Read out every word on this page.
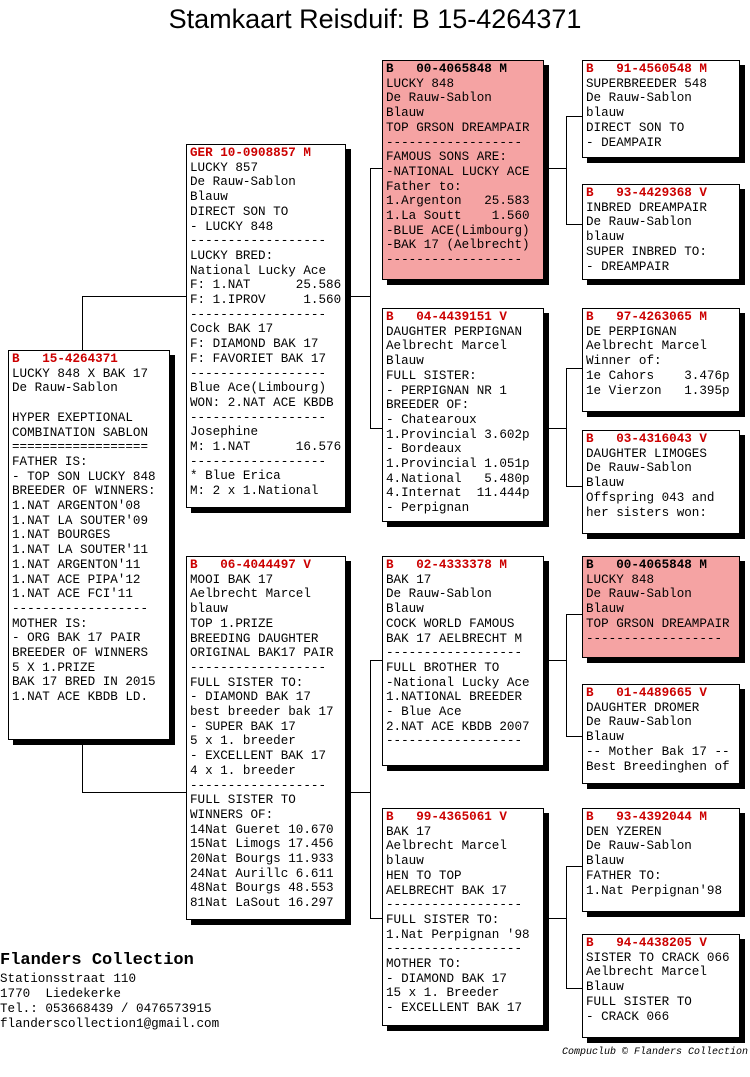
Stamkaart Reisduif: B 15-4264371
B   15-4264371
LUCKY 848 X BAK 17
De Rauw-Sablon
HYPER EXEPTIONAL
COMBINATION SABLON
==================
FATHER IS:
- TOP SON LUCKY 848
BREEDER OF WINNERS:
1.NAT ARGENTON'08
1.NAT LA SOUTER'09
1.NAT BOURGES
1.NAT LA SOUTER'11
1.NAT ARGENTON'11
1.NAT ACE PIPA'12
1.NAT ACE FCI'11
------------------
MOTHER IS:
- ORG BAK 17 PAIR
BREEDER OF WINNERS
5 X 1.PRIZE
BAK 17 BRED IN 2015
1.NAT ACE KBDB LD.
GER 10-0908857 M
LUCKY 857
De Rauw-Sablon
Blauw
DIRECT SON TO
- LUCKY 848
------------------
LUCKY BRED:
National Lucky Ace
F: 1.NAT      25.586
F: 1.IPROV     1.560
------------------
Cock BAK 17
F: DIAMOND BAK 17
F: FAVORIET BAK 17
------------------
Blue Ace(Limbourg)
WON: 2.NAT ACE KBDB
------------------
Josephine
M: 1.NAT      16.576
------------------
* Blue Erica
M: 2 x 1.National
B   06-4044497 V
MOOI BAK 17
Aelbrecht Marcel
blauw
TOP 1.PRIZE
BREEDING DAUGHTER
ORIGINAL BAK17 PAIR
------------------
FULL SISTER TO:
- DIAMOND BAK 17
best breeder bak 17
- SUPER BAK 17
5 x 1. breeder
- EXCELLENT BAK 17
4 x 1. breeder
------------------
FULL SISTER TO
WINNERS OF:
14Nat Gueret 10.670
15Nat Limogs 17.456
20Nat Bourgs 11.933
24Nat Aurillc 6.611
48Nat Bourgs 48.553
81Nat LaSout 16.297
B   00-4065848 M
LUCKY 848
De Rauw-Sablon
Blauw
TOP GRSON DREAMPAIR
------------------
FAMOUS SONS ARE:
-NATIONAL LUCKY ACE
Father to:
1.Argenton   25.583
1.La Soutt    1.560
-BLUE ACE(Limbourg)
-BAK 17 (Aelbrecht)
------------------
B   04-4439151 V
DAUGHTER PERPIGNAN
Aelbrecht Marcel
Blauw
FULL SISTER:
- PERPIGNAN NR 1
BREEDER OF:
- Chatearoux
1.Provincial 3.602p
- Bordeaux
1.Provincial 1.051p
4.National   5.480p
4.Internat  11.444p
- Perpignan
B   02-4333378 M
BAK 17
De Rauw-Sablon
Blauw
COCK WORLD FAMOUS
BAK 17 AELBRECHT M
------------------
FULL BROTHER TO
-National Lucky Ace
1.NATIONAL BREEDER
- Blue Ace
2.NAT ACE KBDB 2007
------------------
B   99-4365061 V
BAK 17
Aelbrecht Marcel
blauw
HEN TO TOP
AELBRECHT BAK 17
------------------
FULL SISTER TO:
1.Nat Perpignan '98
------------------
MOTHER TO:
- DIAMOND BAK 17
15 x 1. Breeder
- EXCELLENT BAK 17
B   91-4560548 M
SUPERBREEDER 548
De Rauw-Sablon
blauw
DIRECT SON TO
- DEAMPAIR
B   93-4429368 V
INBRED DREAMPAIR
De Rauw-Sablon
blauw
SUPER INBRED TO:
- DREAMPAIR
B   97-4263065 M
DE PERPIGNAN
Aelbrecht Marcel
Winner of:
1e Cahors    3.476p
1e Vierzon   1.395p
B   03-4316043 V
DAUGHTER LIMOGES
De Rauw-Sablon
Blauw
Offspring 043 and
her sisters won:
B   00-4065848 M
LUCKY 848
De Rauw-Sablon
Blauw
TOP GRSON DREAMPAIR
------------------
B   01-4489665 V
DAUGHTER DROMER
De Rauw-Sablon
Blauw
-- Mother Bak 17 --
Best Breedinghen of
B   93-4392044 M
DEN YZEREN
De Rauw-Sablon
Blauw
FATHER TO:
1.Nat Perpignan'98
B   94-4438205 V
SISTER TO CRACK 066
Aelbrecht Marcel
Blauw
FULL SISTER TO
- CRACK 066
Flanders Collection
Stationsstraat 110
1770  Liedekerke
Tel.: 053668439 / 0476573915
flanderscollection1@gmail.com
Compuclub © Flanders Collection
